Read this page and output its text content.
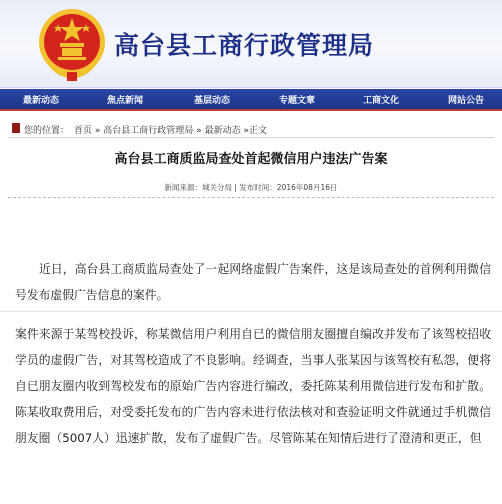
高台县工商行政管理局
最新动态	焦点新闻	基层动态	专题文章	工商文化	网站公告
您的位置： 首页 » 高台县工商行政管理局 » 最新动态 »正文
高台县工商质监局查处首起微信用户违法广告案
新闻来源：城关分局 | 发布时间：2016年08月16日

近日，高台县工商质监局查处了一起网络虚假广告案件，这是该局查处的首例利用微信号发布虚假广告信息的案件。

案件来源于某驾校投诉，称某微信用户利用自已的微信朋友圈擅自编改并发布了该驾校招收学员的虚假广告，对其驾校造成了不良影响。经调查，当事人张某因与该驾校有私怨，便将自已朋友圈内收到驾校发布的原始广告内容进行编改，委托陈某利用微信进行发布和扩散。陈某收取费用后，对受委托发布的广告内容未进行依法核对和查验证明文件就通过手机微信朋友圈（5007人）迅速扩散，发布了虚假广告。尽管陈某在知情后进行了澄清和更正，但
